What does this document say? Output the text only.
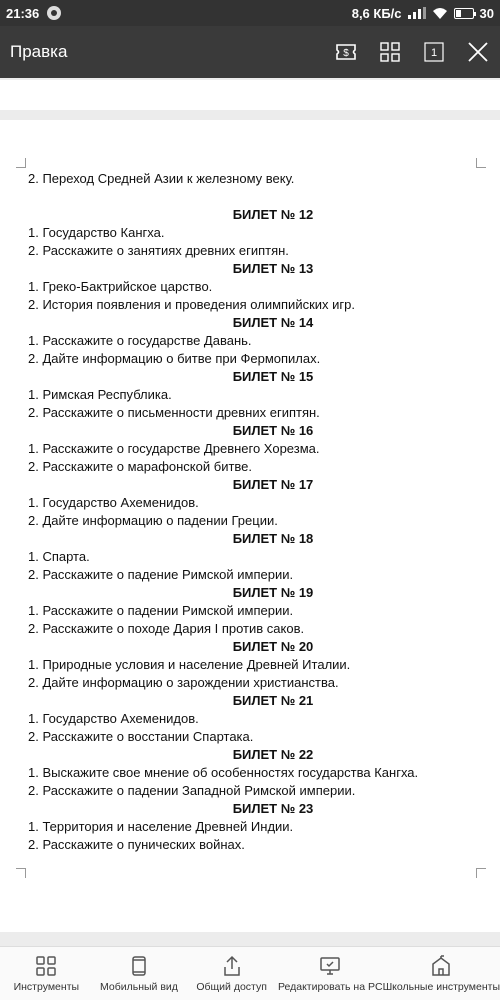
21:36	8,6 КБ/с	30
Правка	$	1
2. Переход Средней Азии к железному веку.
БИЛЕТ № 12
1. Государство Кангха.
2. Расскажите о занятиях древних египтян.
БИЛЕТ № 13
1. Греко-Бактрийское царство.
2. История появления и проведения олимпийских игр.
БИЛЕТ № 14
1. Расскажите о государстве Давань.
2. Дайте информацию о битве при Фермопилах.
БИЛЕТ № 15
1. Римская Республика.
2. Расскажите о письменности древних египтян.
БИЛЕТ № 16
1. Расскажите о государстве Древнего Хорезма.
2. Расскажите о марафонской битве.
БИЛЕТ № 17
1. Государство Ахеменидов.
2. Дайте информацию о падении Греции.
БИЛЕТ № 18
1. Спарта.
2. Расскажите о падение Римской империи.
БИЛЕТ № 19
1. Расскажите о падении Римской империи.
2. Расскажите о походе Дария I против саков.
БИЛЕТ № 20
1. Природные условия и население Древней Италии.
2. Дайте информацию о зарождении христианства.
БИЛЕТ № 21
1. Государство Ахеменидов.
2. Расскажите о восстании Спартака.
БИЛЕТ № 22
1. Выскажите свое мнение об особенностях государства Кангха.
2. Расскажите о падении Западной Римской империи.
БИЛЕТ № 23
1. Территория и население Древней Индии.
2. Расскажите о пунических войнах.
Инструменты Мобильный вид Общий доступ Редактировать на PC Школьные инструменты
